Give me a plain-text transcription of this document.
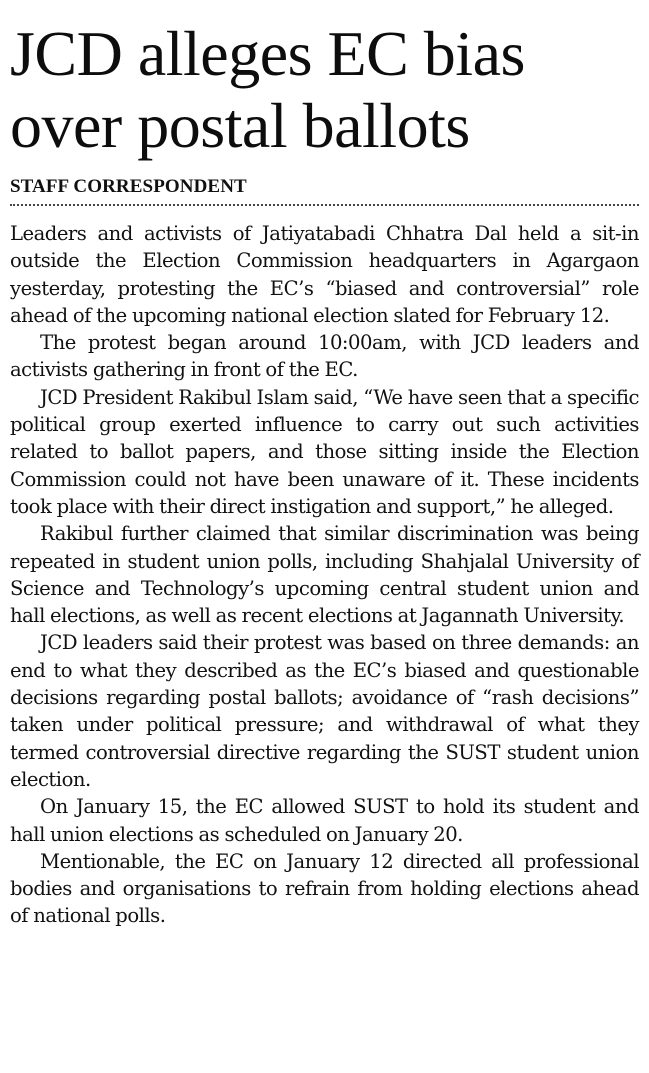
JCD alleges EC bias
over postal ballots
STAFF CORRESPONDENT

Leaders and activists of Jatiyatabadi Chhatra Dal held a sit-in outside the Election Commission headquarters in Agargaon yesterday, protesting the EC’s “biased and controversial” role ahead of the upcoming national election slated for February 12.

The protest began around 10:00am, with JCD leaders and activists gathering in front of the EC.

JCD President Rakibul Islam said, “We have seen that a specific political group exerted influence to carry out such activities related to ballot papers, and those sitting inside the Election Commission could not have been unaware of it. These incidents took place with their direct instigation and support,” he alleged.

Rakibul further claimed that similar discrimination was being repeated in student union polls, including Shahjalal University of Science and Technology’s upcoming central student union and hall elections, as well as recent elections at Jagannath University.

JCD leaders said their protest was based on three demands: an end to what they described as the EC’s biased and questionable decisions regarding postal ballots; avoidance of “rash decisions” taken under political pressure; and withdrawal of what they termed controversial directive regarding the SUST student union election.

On January 15, the EC allowed SUST to hold its student and hall union elections as scheduled on January 20.

Mentionable, the EC on January 12 directed all professional bodies and organisations to refrain from holding elections ahead of national polls.
